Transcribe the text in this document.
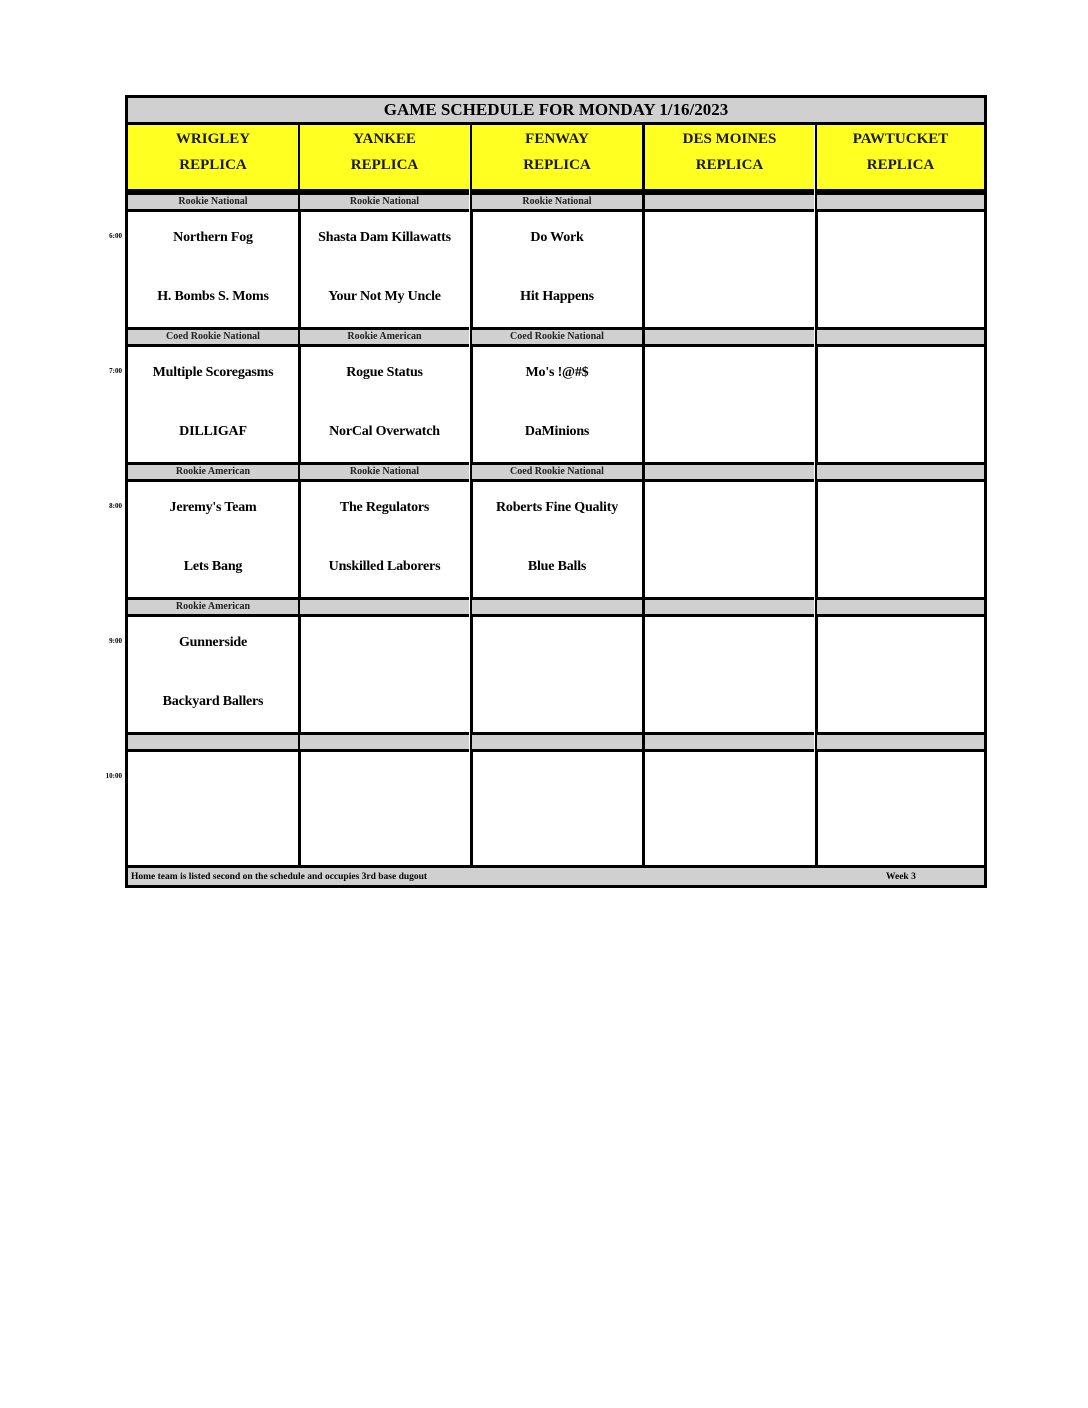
GAME SCHEDULE FOR MONDAY 1/16/2023
WRIGLEY
REPLICA
YANKEE
REPLICA
FENWAY
REPLICA
DES MOINES
REPLICA
PAWTUCKET
REPLICA
Rookie National
Northern Fog
H. Bombs S. Moms
Rookie National
Shasta Dam Killawatts
Your Not My Uncle
Rookie National
Do Work
Hit Happens
Coed Rookie National
Multiple Scoregasms
DILLIGAF
Rookie American
Rogue Status
NorCal Overwatch
Coed Rookie National
Mo's !@#$
DaMinions
Rookie American
Jeremy's Team
Lets Bang
Rookie National
The Regulators
Unskilled Laborers
Coed Rookie National
Roberts Fine Quality
Blue Balls
Rookie American
Gunnerside
Backyard Ballers
Home team is listed second on the schedule and occupies 3rd base dugout	Week 3
6:00
7:00
8:00
9:00
10:00
